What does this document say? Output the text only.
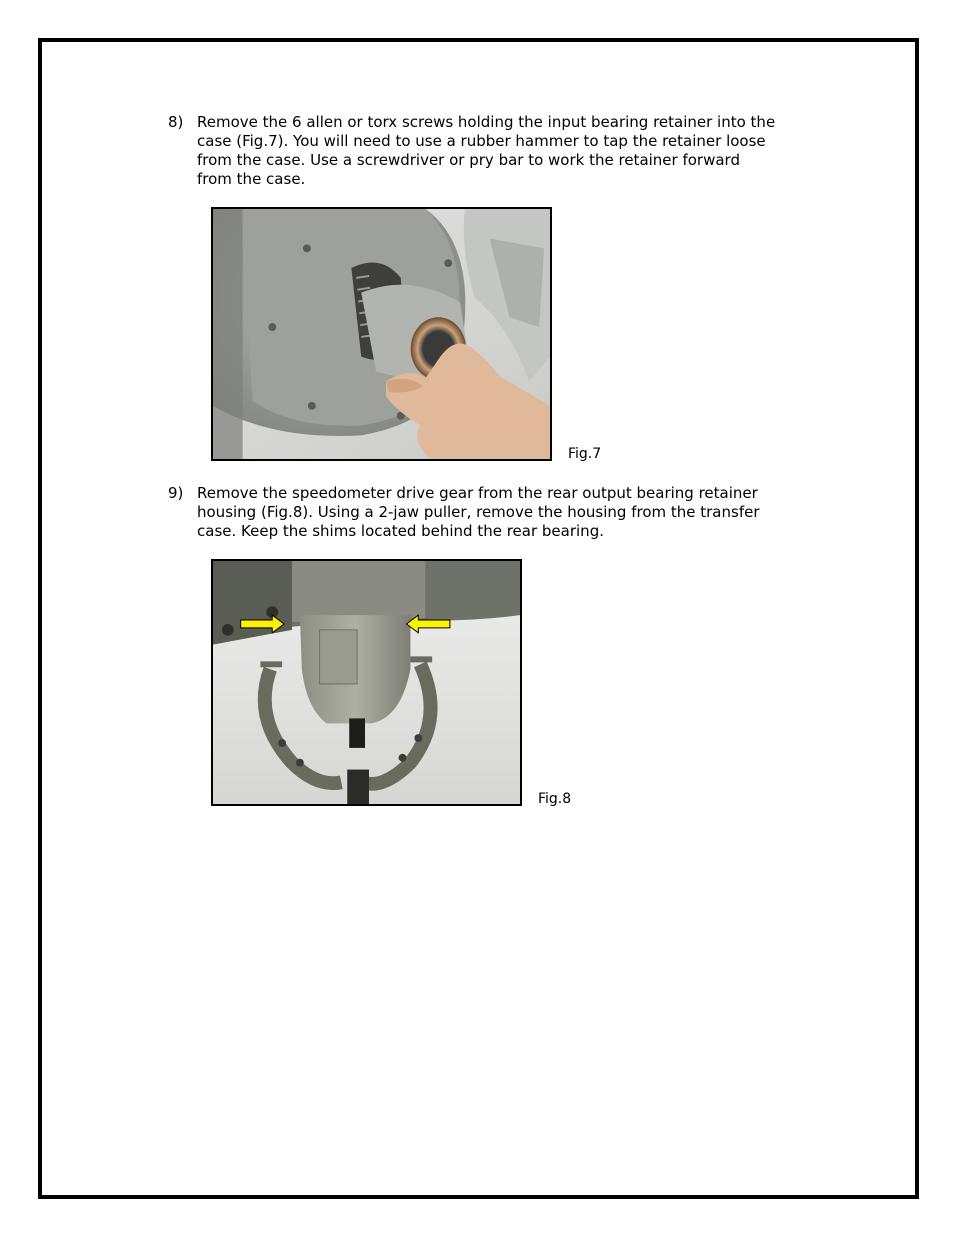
8) Remove the 6 allen or torx screws holding the input bearing retainer into the
case (Fig.7). You will need to use a rubber hammer to tap the retainer loose
from the case. Use a screwdriver or pry bar to work the retainer forward
from the case.
Fig.7
9) Remove the speedometer drive gear from the rear output bearing retainer
housing (Fig.8). Using a 2-jaw puller, remove the housing from the transfer
case. Keep the shims located behind the rear bearing.
Fig.8
